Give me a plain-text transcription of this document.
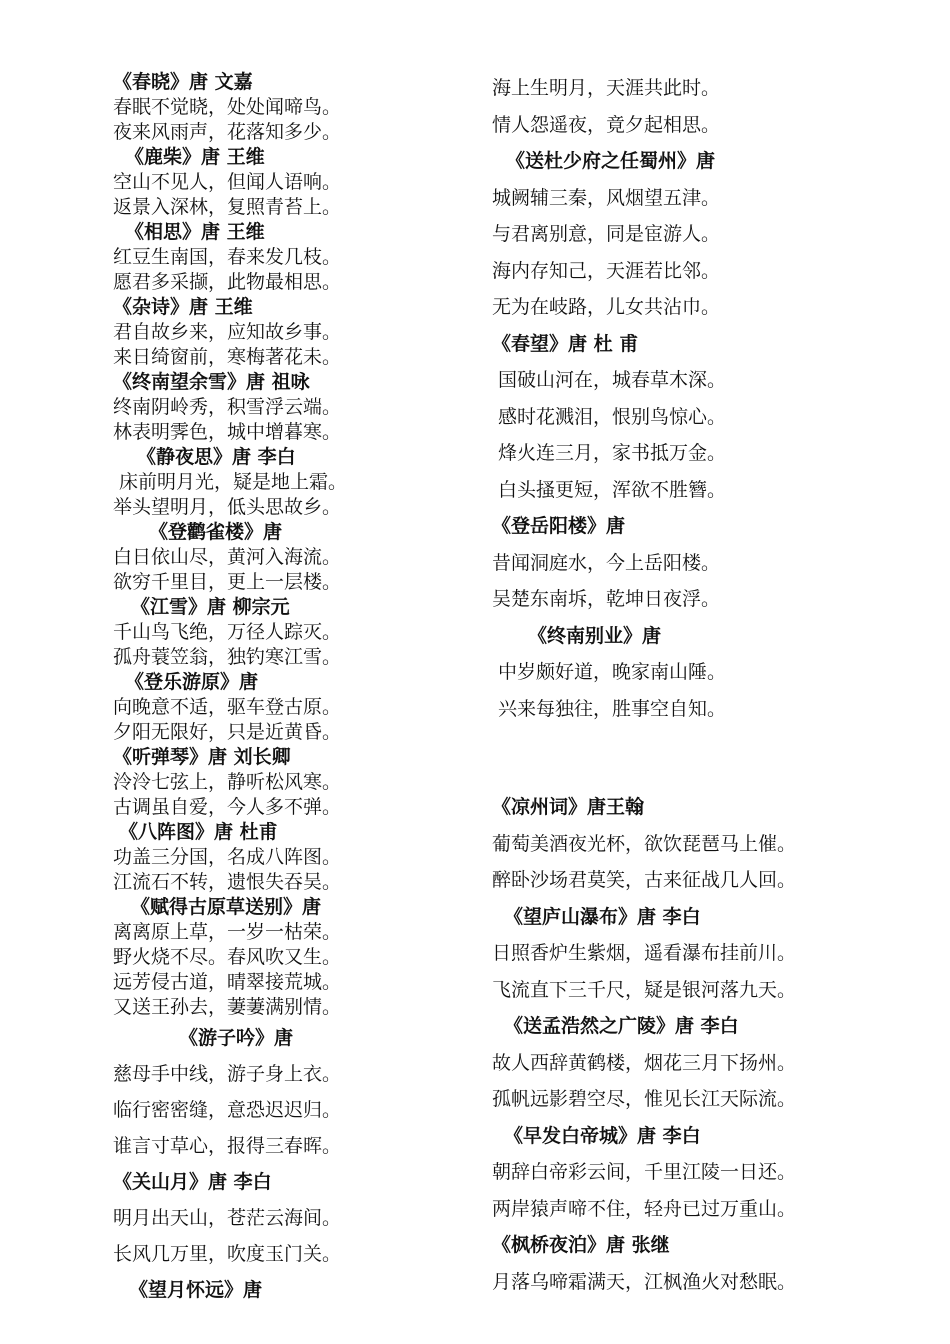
《春晓》唐 文嘉
春眠不觉晓，处处闻啼鸟。
夜来风雨声，花落知多少。
《鹿柴》唐 王维
空山不见人，但闻人语响。
返景入深林，复照青苔上。
《相思》唐 王维
红豆生南国，春来发几枝。
愿君多采撷，此物最相思。
《杂诗》唐 王维
君自故乡来，应知故乡事。
来日绮窗前，寒梅著花未。
《终南望余雪》唐 祖咏
终南阴岭秀，积雪浮云端。
林表明霁色，城中增暮寒。
《静夜思》唐 李白
床前明月光，疑是地上霜。
举头望明月，低头思故乡。
《登鹳雀楼》唐
白日依山尽，黄河入海流。
欲穷千里目，更上一层楼。
《江雪》唐 柳宗元
千山鸟飞绝，万径人踪灭。
孤舟蓑笠翁，独钓寒江雪。
《登乐游原》唐
向晚意不适，驱车登古原。
夕阳无限好，只是近黄昏。
《听弹琴》唐 刘长卿
泠泠七弦上，静听松风寒。
古调虽自爱，今人多不弹。
《八阵图》唐 杜甫
功盖三分国，名成八阵图。
江流石不转，遗恨失吞吴。
《赋得古原草送别》唐
离离原上草，一岁一枯荣。
野火烧不尽。春风吹又生。
远芳侵古道，晴翠接荒城。
又送王孙去，萋萋满别情。
《游子吟》唐
慈母手中线，游子身上衣。
临行密密缝，意恐迟迟归。
谁言寸草心，报得三春晖。
《关山月》唐 李白
明月出天山，苍茫云海间。
长风几万里，吹度玉门关。
《望月怀远》唐
海上生明月，天涯共此时。
情人怨遥夜，竟夕起相思。
《送杜少府之任蜀州》唐
城阙辅三秦，风烟望五津。
与君离别意，同是宦游人。
海内存知己，天涯若比邻。
无为在岐路，儿女共沾巾。
《春望》唐 杜 甫
国破山河在，城春草木深。
感时花溅泪，恨别鸟惊心。
烽火连三月，家书抵万金。
白头搔更短，浑欲不胜簪。
《登岳阳楼》唐
昔闻洞庭水，今上岳阳楼。
吴楚东南坼，乾坤日夜浮。
《终南别业》唐
中岁颇好道，晚家南山陲。
兴来每独往，胜事空自知。
《凉州词》唐王翰
葡萄美酒夜光杯，欲饮琵琶马上催。
醉卧沙场君莫笑，古来征战几人回。
《望庐山瀑布》唐 李白
日照香炉生紫烟，遥看瀑布挂前川。
飞流直下三千尺，疑是银河落九天。
《送孟浩然之广陵》唐 李白
故人西辞黄鹤楼，烟花三月下扬州。
孤帆远影碧空尽，惟见长江天际流。
《早发白帝城》唐 李白
朝辞白帝彩云间，千里江陵一日还。
两岸猿声啼不住，轻舟已过万重山。
《枫桥夜泊》唐 张继
月落乌啼霜满天，江枫渔火对愁眠。
